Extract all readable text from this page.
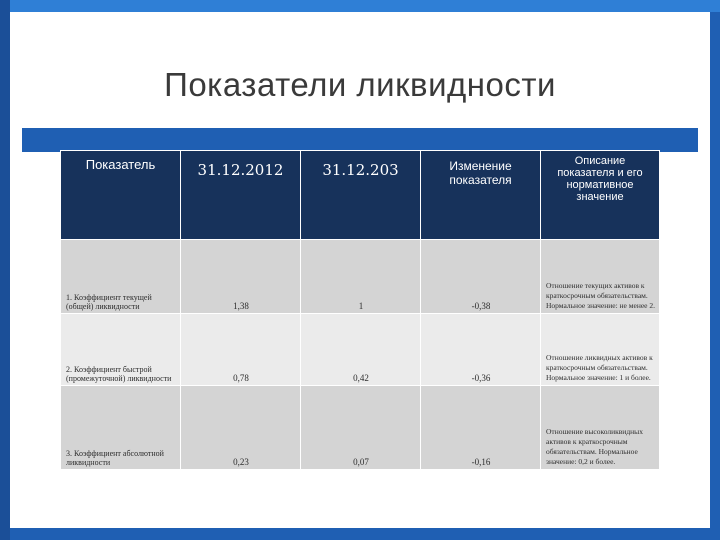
Показатели ликвидности
Показатель	31.12.2012	31.12.203	Изменение показателя	Описание показателя и его нормативное значение
1. Коэффициент текущей (общей) ликвидности	1,38	1	-0,38	Отношение текущих активов к краткосрочным обязательствам. Нормальное значение: не менее 2.
2. Коэффициент быстрой (промежуточной) ликвидности	0,78	0,42	-0,36	Отношение ликвидных активов к краткосрочным обязательствам. Нормальное значение: 1 и более.
3. Коэффициент абсолютной ликвидности	0,23	0,07	-0,16	Отношение высоколиквидных активов к краткосрочным обязательствам. Нормальное значение: 0,2 и более.
